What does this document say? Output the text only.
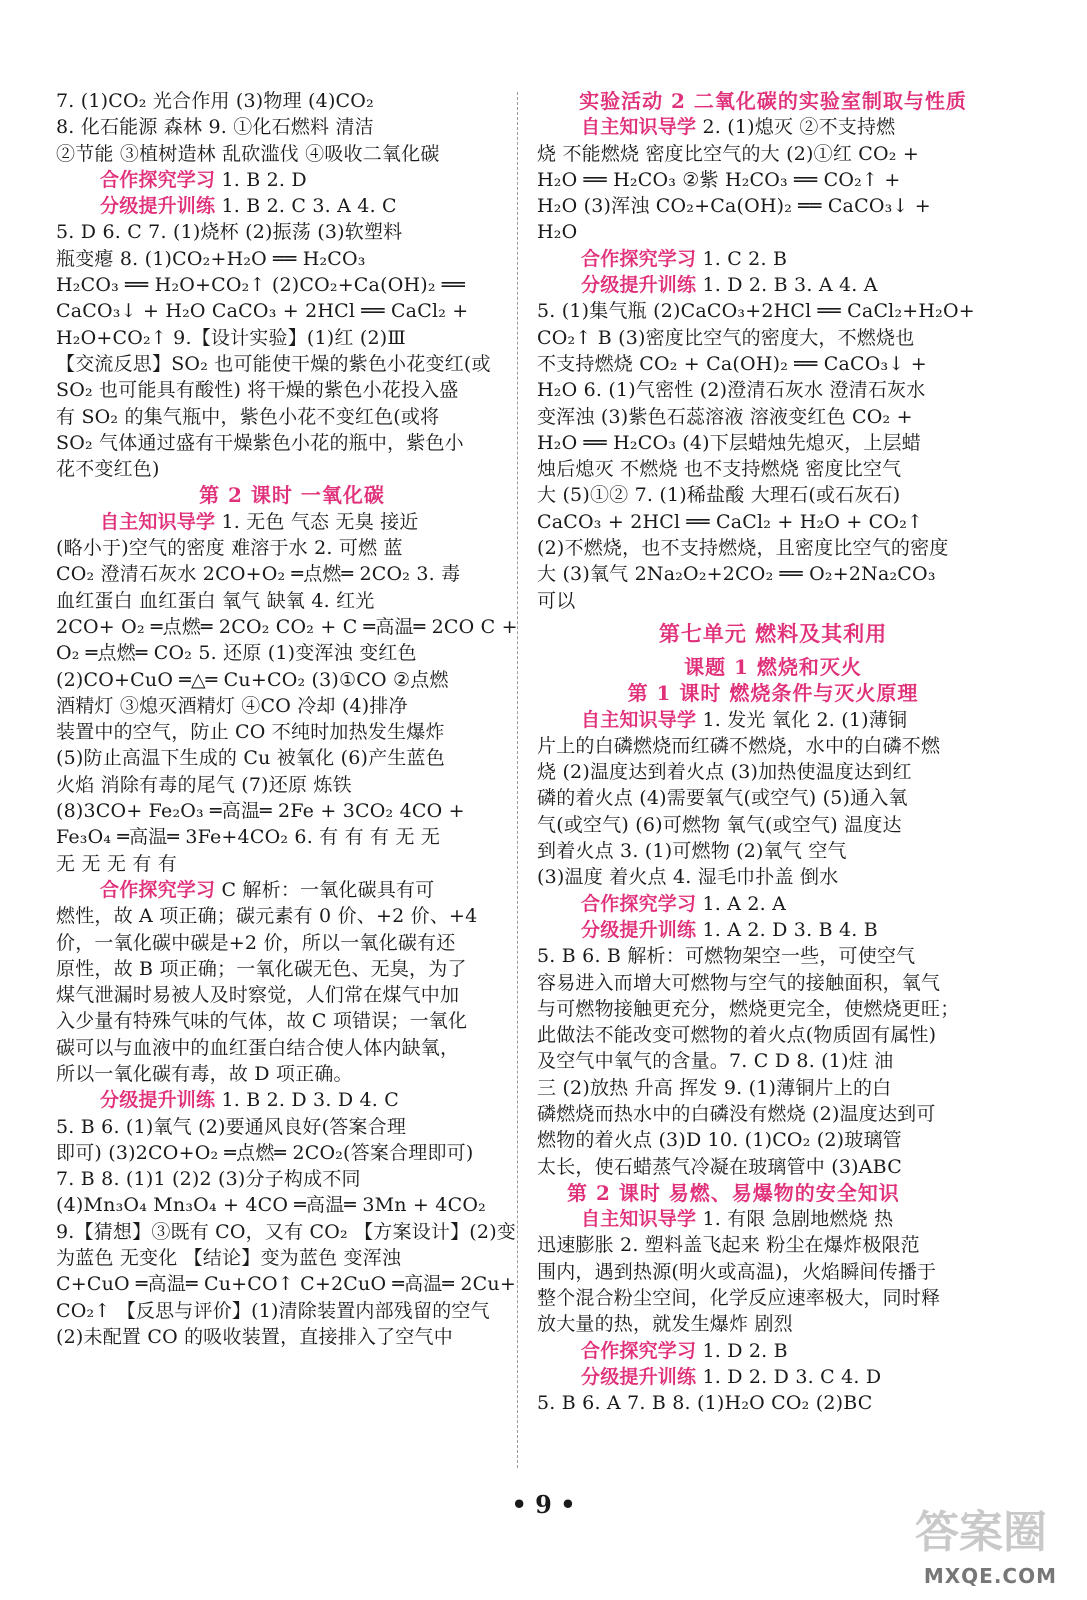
7. (1)CO₂ 光合作用 (3)物理 (4)CO₂
8. 化石能源 森林 9. ①化石燃料 清洁
②节能 ③植树造林 乱砍滥伐 ④吸收二氧化碳
合作探究学习 1. B 2. D
分级提升训练 1. B 2. C 3. A 4. C
5. D 6. C 7. (1)烧杯 (2)振荡 (3)软塑料
瓶变瘪 8. (1)CO₂+H₂O ══ H₂CO₃
H₂CO₃ ══ H₂O+CO₂↑ (2)CO₂+Ca(OH)₂ ══
CaCO₃↓ + H₂O CaCO₃ + 2HCl ══ CaCl₂ +
H₂O+CO₂↑ 9.【设计实验】(1)红 (2)Ⅲ
【交流反思】SO₂ 也可能使干燥的紫色小花变红(或
SO₂ 也可能具有酸性) 将干燥的紫色小花投入盛
有 SO₂ 的集气瓶中，紫色小花不变红色(或将
SO₂ 气体通过盛有干燥紫色小花的瓶中，紫色小
花不变红色)
第 2 课时 一氧化碳
自主知识导学 1. 无色 气态 无臭 接近
(略小于)空气的密度 难溶于水 2. 可燃 蓝
CO₂ 澄清石灰水 2CO+O₂ ═点燃═ 2CO₂ 3. 毒
血红蛋白 血红蛋白 氧气 缺氧 4. 红光
2CO+ O₂ ═点燃═ 2CO₂ CO₂ + C ═高温═ 2CO C +
O₂ ═点燃═ CO₂ 5. 还原 (1)变浑浊 变红色
(2)CO+CuO ═△═ Cu+CO₂ (3)①CO ②点燃
酒精灯 ③熄灭酒精灯 ④CO 冷却 (4)排净
装置中的空气，防止 CO 不纯时加热发生爆炸
(5)防止高温下生成的 Cu 被氧化 (6)产生蓝色
火焰 消除有毒的尾气 (7)还原 炼铁
(8)3CO+ Fe₂O₃ ═高温═ 2Fe + 3CO₂ 4CO +
Fe₃O₄ ═高温═ 3Fe+4CO₂ 6. 有 有 有 无 无
无 无 无 有 有
合作探究学习 C 解析：一氧化碳具有可
燃性，故 A 项正确；碳元素有 0 价、+2 价、+4
价，一氧化碳中碳是+2 价，所以一氧化碳有还
原性，故 B 项正确；一氧化碳无色、无臭，为了
煤气泄漏时易被人及时察觉，人们常在煤气中加
入少量有特殊气味的气体，故 C 项错误；一氧化
碳可以与血液中的血红蛋白结合使人体内缺氧，
所以一氧化碳有毒，故 D 项正确。
分级提升训练 1. B 2. D 3. D 4. C
5. B 6. (1)氧气 (2)要通风良好(答案合理
即可) (3)2CO+O₂ ═点燃═ 2CO₂(答案合理即可)
7. B 8. (1)1 (2)2 (3)分子构成不同
(4)Mn₃O₄ Mn₃O₄ + 4CO ═高温═ 3Mn + 4CO₂
9.【猜想】③既有 CO，又有 CO₂ 【方案设计】(2)变
为蓝色 无变化 【结论】变为蓝色 变浑浊
C+CuO ═高温═ Cu+CO↑ C+2CuO ═高温═ 2Cu+
CO₂↑ 【反思与评价】(1)清除装置内部残留的空气
(2)未配置 CO 的吸收装置，直接排入了空气中
实验活动 2 二氧化碳的实验室制取与性质
自主知识导学 2. (1)熄灭 ②不支持燃
烧 不能燃烧 密度比空气的大 (2)①红 CO₂ +
H₂O ══ H₂CO₃ ②紫 H₂CO₃ ══ CO₂↑ +
H₂O (3)浑浊 CO₂+Ca(OH)₂ ══ CaCO₃↓ +
H₂O
合作探究学习 1. C 2. B
分级提升训练 1. D 2. B 3. A 4. A
5. (1)集气瓶 (2)CaCO₃+2HCl ══ CaCl₂+H₂O+
CO₂↑ B (3)密度比空气的密度大，不燃烧也
不支持燃烧 CO₂ + Ca(OH)₂ ══ CaCO₃↓ +
H₂O 6. (1)气密性 (2)澄清石灰水 澄清石灰水
变浑浊 (3)紫色石蕊溶液 溶液变红色 CO₂ +
H₂O ══ H₂CO₃ (4)下层蜡烛先熄灭，上层蜡
烛后熄灭 不燃烧 也不支持燃烧 密度比空气
大 (5)①② 7. (1)稀盐酸 大理石(或石灰石)
CaCO₃ + 2HCl ══ CaCl₂ + H₂O + CO₂↑
(2)不燃烧，也不支持燃烧，且密度比空气的密度
大 (3)氧气 2Na₂O₂+2CO₂ ══ O₂+2Na₂CO₃
可以
第七单元 燃料及其利用
课题 1 燃烧和灭火
第 1 课时 燃烧条件与灭火原理
自主知识导学 1. 发光 氧化 2. (1)薄铜
片上的白磷燃烧而红磷不燃烧，水中的白磷不燃
烧 (2)温度达到着火点 (3)加热使温度达到红
磷的着火点 (4)需要氧气(或空气) (5)通入氧
气(或空气) (6)可燃物 氧气(或空气) 温度达
到着火点 3. (1)可燃物 (2)氧气 空气
(3)温度 着火点 4. 湿毛巾扑盖 倒水
合作探究学习 1. A 2. A
分级提升训练 1. A 2. D 3. B 4. B
5. B 6. B 解析：可燃物架空一些，可使空气
容易进入而增大可燃物与空气的接触面积，氧气
与可燃物接触更充分，燃烧更完全，使燃烧更旺；
此做法不能改变可燃物的着火点(物质固有属性)
及空气中氧气的含量。7. C D 8. (1)炷 油
三 (2)放热 升高 挥发 9. (1)薄铜片上的白
磷燃烧而热水中的白磷没有燃烧 (2)温度达到可
燃物的着火点 (3)D 10. (1)CO₂ (2)玻璃管
太长，使石蜡蒸气冷凝在玻璃管中 (3)ABC
第 2 课时 易燃、易爆物的安全知识
自主知识导学 1. 有限 急剧地燃烧 热
迅速膨胀 2. 塑料盖飞起来 粉尘在爆炸极限范
围内，遇到热源(明火或高温)，火焰瞬间传播于
整个混合粉尘空间，化学反应速率极大，同时释
放大量的热，就发生爆炸 剧烈
合作探究学习 1. D 2. B
分级提升训练 1. D 2. D 3. C 4. D
5. B 6. A 7. B 8. (1)H₂O CO₂ (2)BC
• 9 •
答案圈
MXQE.COM
